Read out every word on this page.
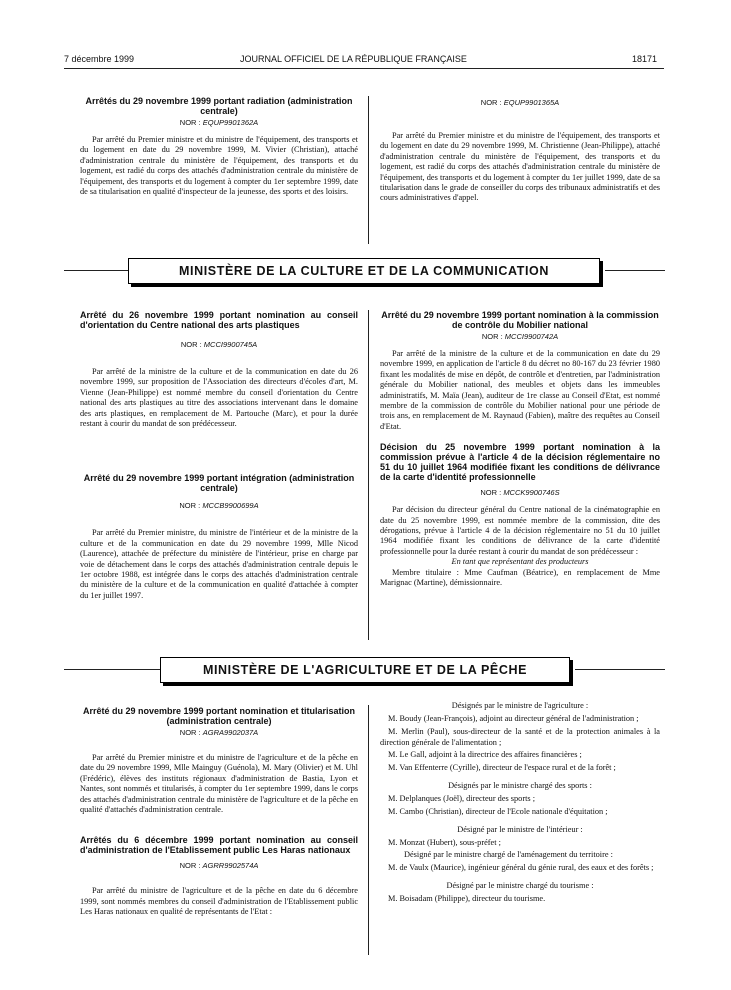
7 décembre 1999	JOURNAL OFFICIEL DE LA RÉPUBLIQUE FRANÇAISE	18171

Arrêtés du 29 novembre 1999 portant radiation (administration centrale)

NOR : EQUP9901362A

Par arrêté du Premier ministre et du ministre de l'équipement, des transports et du logement en date du 29 novembre 1999, M. Vivier (Christian), attaché d'administration centrale du ministère de l'équipement, des transports et du logement, est radié du corps des attachés d'administration centrale du ministère de l'équipement, des transports et du logement à compter du 1er septembre 1999, date de sa titularisation en qualité d'inspecteur de la jeunesse, des sports et des loisirs.

NOR : EQUP9901365A

Par arrêté du Premier ministre et du ministre de l'équipement, des transports et du logement en date du 29 novembre 1999, M. Christienne (Jean-Philippe), attaché d'administration centrale du ministère de l'équipement, des transports et du logement, est radié du corps des attachés d'administration centrale du ministère de l'équipement, des transports et du logement à compter du 1er juillet 1999, date de sa titularisation dans le grade de conseiller du corps des tribunaux administratifs et des cours administratives d'appel.

MINISTÈRE DE LA CULTURE ET DE LA COMMUNICATION

Arrêté du 26 novembre 1999 portant nomination au conseil d'orientation du Centre national des arts plastiques

NOR : MCCI9900745A

Par arrêté de la ministre de la culture et de la communication en date du 26 novembre 1999, sur proposition de l'Association des directeurs d'écoles d'art, M. Vienne (Jean-Philippe) est nommé membre du conseil d'orientation du Centre national des arts plastiques au titre des associations intervenant dans le domaine des arts plastiques, en remplacement de M. Partouche (Marc), et pour la durée restant à courir du mandat de son prédécesseur.

Arrêté du 29 novembre 1999 portant intégration (administration centrale)

NOR : MCCB9900699A

Par arrêté du Premier ministre, du ministre de l'intérieur et de la ministre de la culture et de la communication en date du 29 novembre 1999, Mlle Nicod (Laurence), attachée de préfecture du ministère de l'intérieur, prise en charge par voie de détachement dans le corps des attachés d'administration centrale depuis le 1er octobre 1988, est intégrée dans le corps des attachés d'administration centrale du ministère de la culture et de la communication en qualité d'attachée à compter du 1er juillet 1997.

Arrêté du 29 novembre 1999 portant nomination à la commission de contrôle du Mobilier national

NOR : MCCI9900742A

Par arrêté de la ministre de la culture et de la communication en date du 29 novembre 1999, en application de l'article 8 du décret no 80-167 du 23 février 1980 fixant les modalités de mise en dépôt, de contrôle et d'entretien, par l'administration générale du Mobilier national, des meubles et objets dans les immeubles administratifs, M. Maïa (Jean), auditeur de 1re classe au Conseil d'Etat, est nommé membre de la commission de contrôle du Mobilier national pour une période de trois ans, en remplacement de M. Raynaud (Fabien), maître des requêtes au Conseil d'Etat.

Décision du 25 novembre 1999 portant nomination à la commission prévue à l'article 4 de la décision réglementaire no 51 du 10 juillet 1964 modifiée fixant les conditions de délivrance de la carte d'identité professionnelle

NOR : MCCK9900746S

Par décision du directeur général du Centre national de la cinématographie en date du 25 novembre 1999, est nommée membre de la commission, dite des dérogations, prévue à l'article 4 de la décision réglementaire no 51 du 10 juillet 1964 modifiée fixant les conditions de délivrance de la carte d'identité professionnelle pour la durée restant à courir du mandat de son prédécesseur :

En tant que représentant des producteurs

Membre titulaire : Mme Caufman (Béatrice), en remplacement de Mme Marignac (Martine), démissionnaire.

MINISTÈRE DE L'AGRICULTURE ET DE LA PÊCHE

Arrêté du 29 novembre 1999 portant nomination et titularisation (administration centrale)

NOR : AGRA9902037A

Par arrêté du Premier ministre et du ministre de l'agriculture et de la pêche en date du 29 novembre 1999, Mlle Mainguy (Guénola), M. Mary (Olivier) et M. Uhl (Frédéric), élèves des instituts régionaux d'administration de Bastia, Lyon et Nantes, sont nommés et titularisés, à compter du 1er septembre 1999, dans le corps des attachés d'administration centrale du ministère de l'agriculture et de la pêche en qualité d'attachés d'administration centrale.

Arrêtés du 6 décembre 1999 portant nomination au conseil d'administration de l'Etablissement public Les Haras nationaux

NOR : AGRR9902574A

Par arrêté du ministre de l'agriculture et de la pêche en date du 6 décembre 1999, sont nommés membres du conseil d'administration de l'Etablissement public Les Haras nationaux en qualité de représentants de l'Etat :

Désignés par le ministre de l'agriculture :

M. Boudy (Jean-François), adjoint au directeur général de l'administration ;

M. Merlin (Paul), sous-directeur de la santé et de la protection animales à la direction générale de l'alimentation ;

M. Le Gall, adjoint à la directrice des affaires financières ;

M. Van Effenterre (Cyrille), directeur de l'espace rural et de la forêt ;

Désignés par le ministre chargé des sports :

M. Delplanques (Joël), directeur des sports ;

M. Cambo (Christian), directeur de l'Ecole nationale d'équitation ;

Désigné par le ministre de l'intérieur :

M. Monzat (Hubert), sous-préfet ;

Désigné par le ministre chargé de l'aménagement du territoire :

M. de Vaulx (Maurice), ingénieur général du génie rural, des eaux et des forêts ;

Désigné par le ministre chargé du tourisme :

M. Boisadam (Philippe), directeur du tourisme.
